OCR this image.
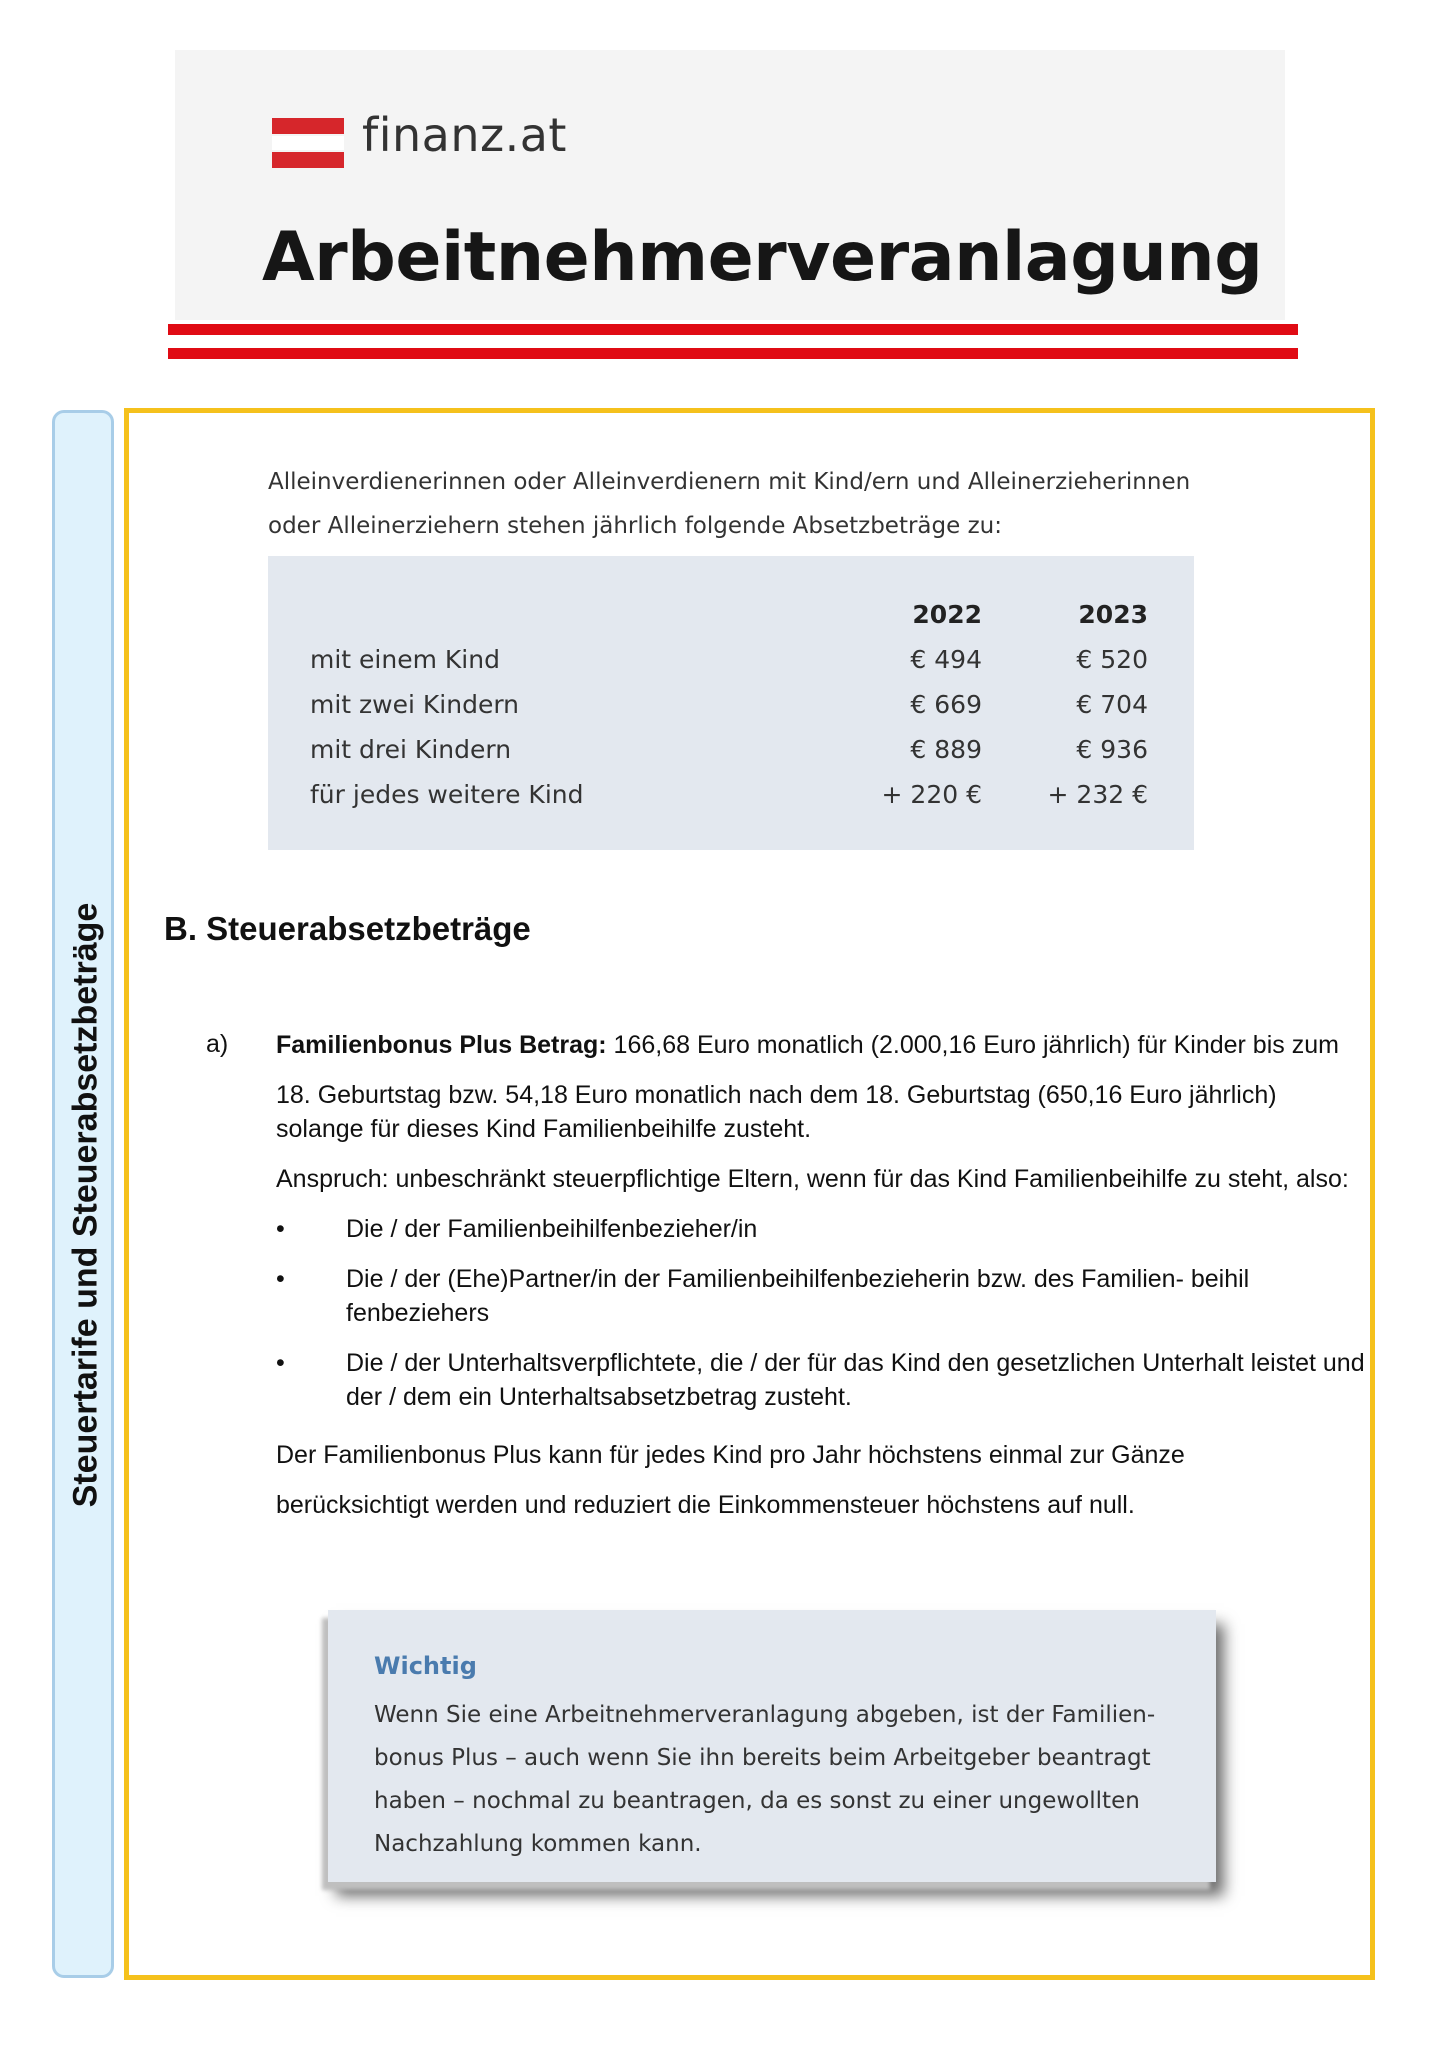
finanz.at
Arbeitnehmerveranlagung
Steuertarife und Steuerabsetzbeträge
Alleinverdienerinnen oder Alleinverdienern mit Kind/ern und Alleinerzieherinnen
oder Alleinerziehern stehen jährlich folgende Absetzbeträge zu:
	2022	2023
mit einem Kind	€ 494	€ 520
mit zwei Kindern	€ 669	€ 704
mit drei Kindern	€ 889	€ 936
für jedes weitere Kind	+ 220 €	+ 232 €
B. Steuerabsetzbeträge
a) Familienbonus Plus Betrag: 166,68 Euro monatlich (2.000,16 Euro jährlich) für Kinder bis zum

18. Geburtstag bzw. 54,18 Euro monatlich nach dem 18. Geburtstag (650,16 Euro jährlich) solange für dieses Kind Familienbeihilfe zusteht.

Anspruch: unbeschränkt steuerpflichtige Eltern, wenn für das Kind Familienbeihilfe zu steht, also:

•	Die / der Familienbeihilfenbezieher/in
•	Die / der (Ehe)Partner/in der Familienbeihilfenbezieherin bzw. des Familien- beihil fenbeziehers
•	Die / der Unterhaltsverpflichtete, die / der für das Kind den gesetzlichen Unterhalt leistet und der / dem ein Unterhaltsabsetzbetrag zusteht.
Der Familienbonus Plus kann für jedes Kind pro Jahr höchstens einmal zur Gänze
berücksichtigt werden und reduziert die Einkommensteuer höchstens auf null.
Wichtig
Wenn Sie eine Arbeitnehmerveranlagung abgeben, ist der Familien-
bonus Plus – auch wenn Sie ihn bereits beim Arbeitgeber beantragt
haben – nochmal zu beantragen, da es sonst zu einer ungewollten
Nachzahlung kommen kann.
